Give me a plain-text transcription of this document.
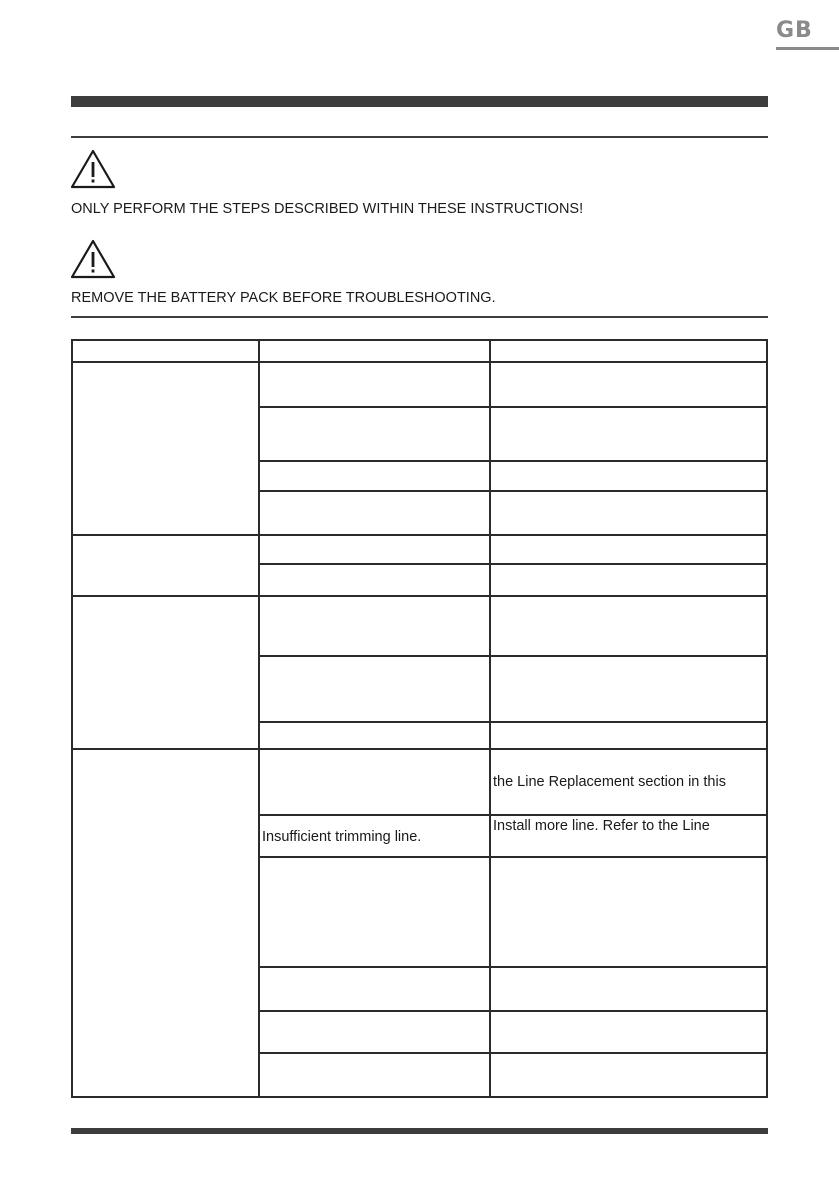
GB
ONLY PERFORM THE STEPS DESCRIBED WITHIN THESE INSTRUCTIONS!
REMOVE THE BATTERY PACK BEFORE TROUBLESHOOTING.
the Line Replacement section in this
Insufficient trimming line.
Install more line. Refer to the Line
